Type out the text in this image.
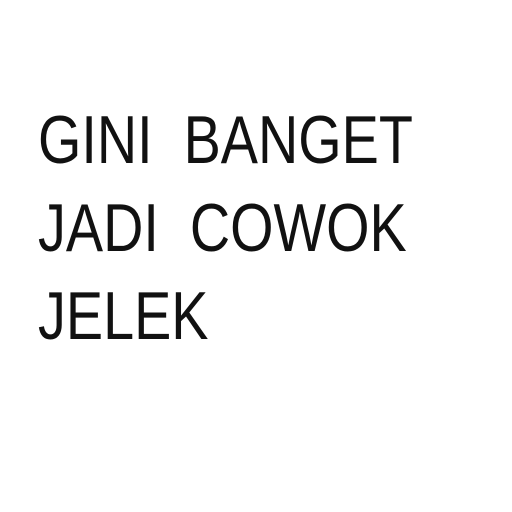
GINI  BANGET
JADI  COWOK
JELEK
